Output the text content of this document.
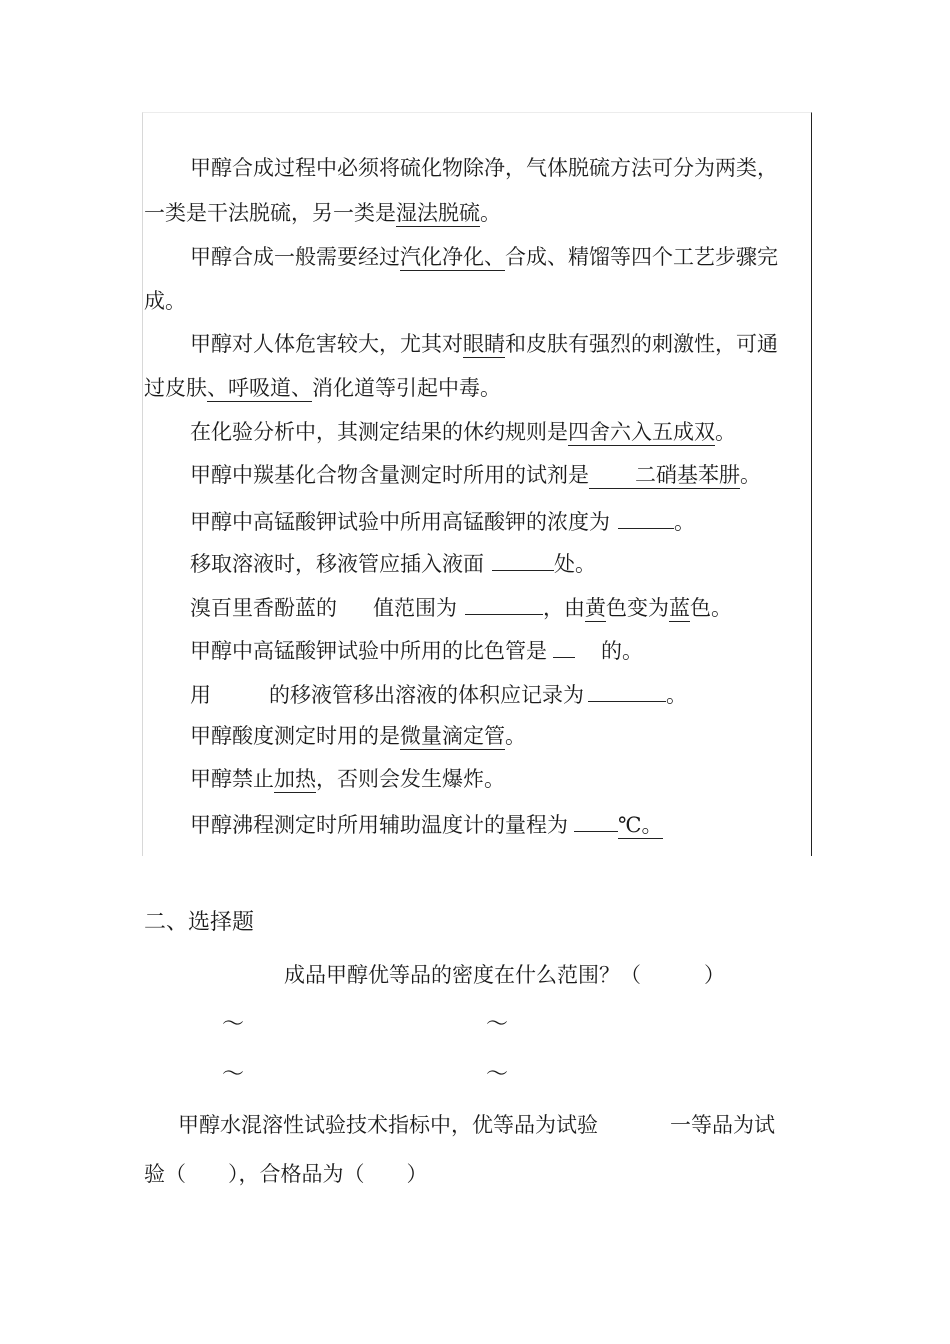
甲醇合成过程中必须将硫化物除净，气体脱硫方法可分为两类，
一类是干法脱硫，另一类是湿法脱硫。
甲醇合成一般需要经过汽化净化、合成、精馏等四个工艺步骤完
成。
甲醇对人体危害较大，尤其对眼睛和皮肤有强烈的刺激性，可通
过皮肤、呼吸道、消化道等引起中毒。
在化验分析中，其测定结果的休约规则是四舍六入五成双。
甲醇中羰基化合物含量测定时所用的试剂是 二硝基苯肼。
甲醇中高锰酸钾试验中所用高锰酸钾的浓度为	。
移取溶液时，移液管应插入液面	处。
溴百里香酚蓝的 值范围为	，由黄色变为蓝色。
甲醇中高锰酸钾试验中所用的比色管是	的。
用	的移液管移出溶液的体积应记录为	。
甲醇酸度测定时用的是微量滴定管。
甲醇禁止加热，否则会发生爆炸。
甲醇沸程测定时所用辅助温度计的量程为 ℃。
二、选择题
成品甲醇优等品的密度在什么范围？（　　　）
～	～
～	～
甲醇水混溶性试验技术指标中，优等品为试验	一等品为试
验（　　），合格品为（　　）
